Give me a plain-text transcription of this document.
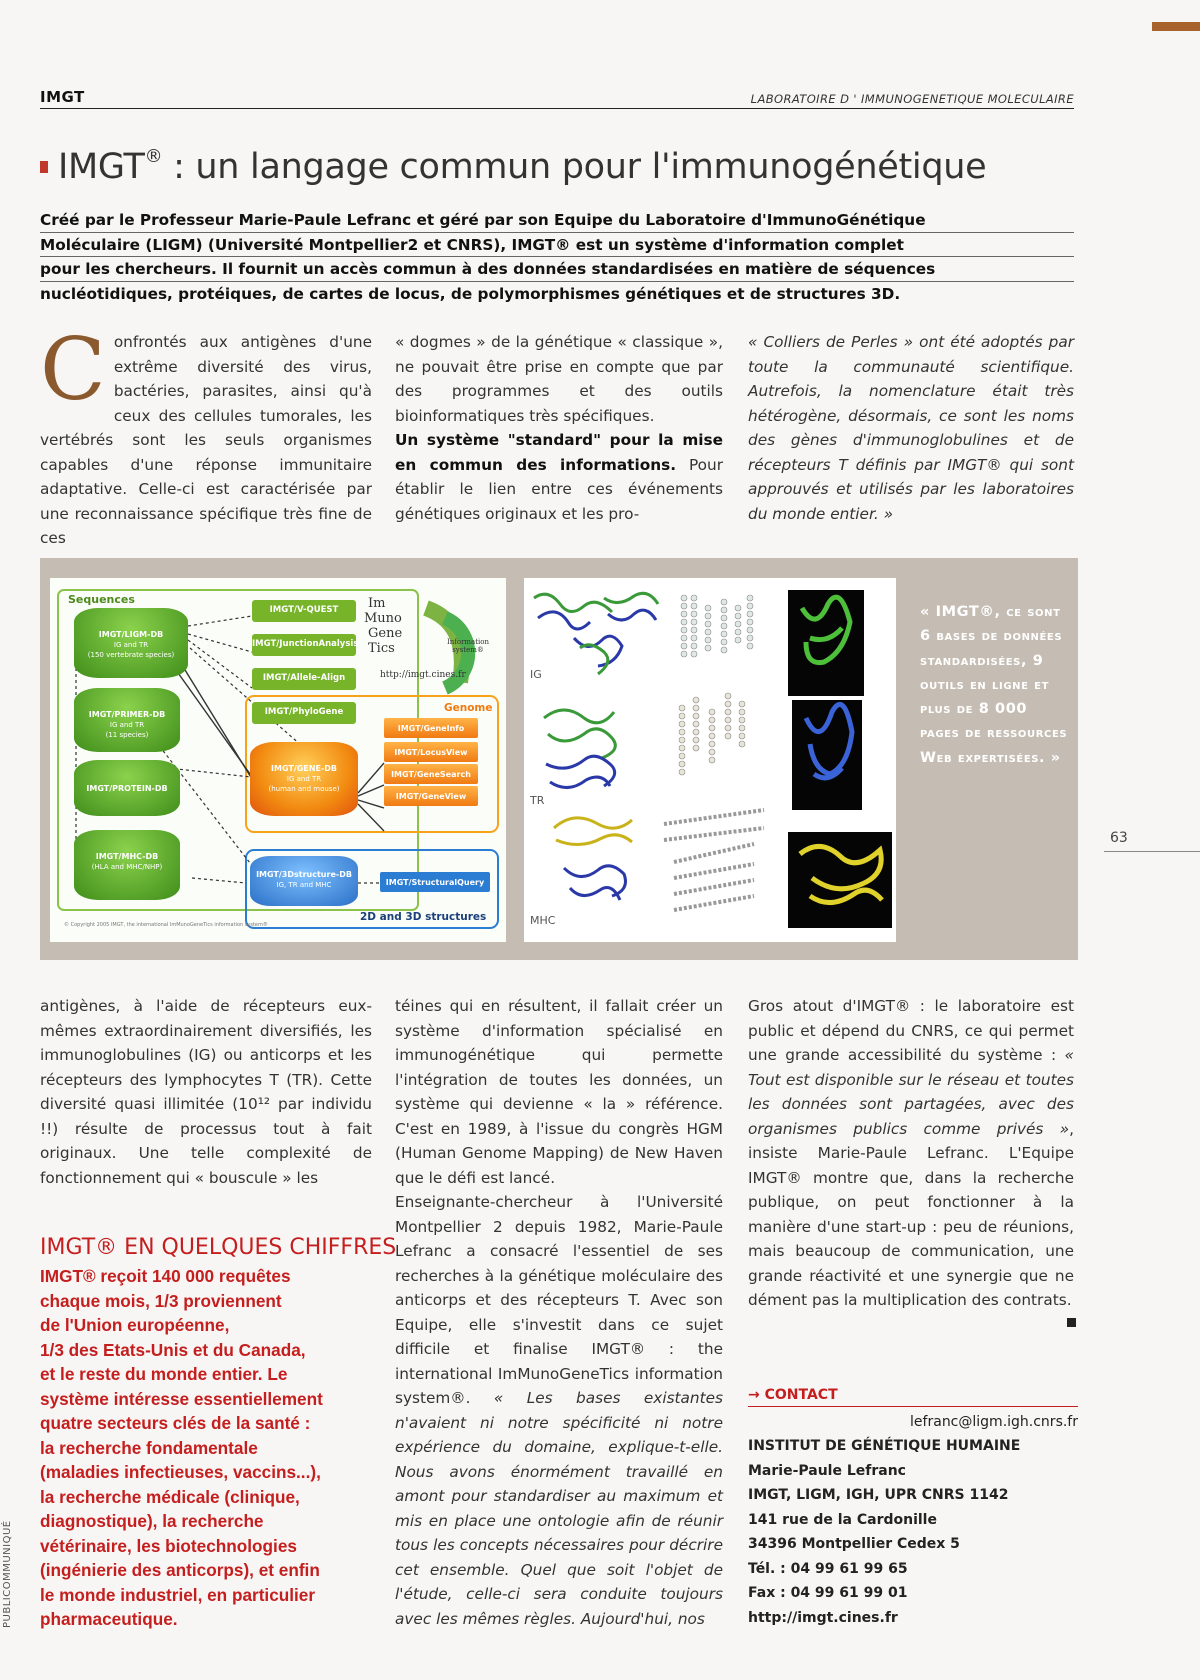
IMGT	LABORATOIRE D ' IMMUNOGENETIQUE MOLECULAIRE
IMGT® : un langage commun pour l'immunogénétique
Créé par le Professeur Marie-Paule Lefranc et géré par son Equipe du Laboratoire d'ImmunoGénétique
Moléculaire (LIGM) (Université Montpellier2 et CNRS), IMGT® est un système d'information complet
pour les chercheurs. Il fournit un accès commun à des données standardisées en matière de séquences
nucléotidiques, protéiques, de cartes de locus, de polymorphismes génétiques et de structures 3D.
Confrontés aux antigènes d'une extrême diversité des virus, bactéries, parasites, ainsi qu'à ceux des cellules tumorales, les vertébrés sont les seuls organismes capables d'une réponse immunitaire adaptative. Celle-ci est caractérisée par une reconnaissance spécifique très fine de ces

« dogmes » de la génétique « classique », ne pouvait être prise en compte que par des programmes et des outils bioinformatiques très spécifiques.

Un système "standard" pour la mise en commun des informations. Pour établir le lien entre ces événements génétiques originaux et les pro-

« Colliers de Perles » ont été adoptés par toute la communauté scientifique. Autrefois, la nomenclature était très hétérogène, désormais, ce sont les noms des gènes d'immunoglobulines et de récepteurs T définis par IMGT® qui sont approuvés et utilisés par les laboratoires du monde entier. »
Sequences
IMGT/LIGM-DB
IG and TR
(150 vertebrate species)
IMGT/PRIMER-DB
IG and TR
(11 species)
IMGT/PROTEIN-DB
IMGT/MHC-DB
(HLA and MHC/NHP)
IMGT/V-QUEST
IMGT/JunctionAnalysis
IMGT/Allele-Align
IMGT/PhyloGene
Im
Muno
Gene
Tics	Information system®
http://imgt.cines.fr
Genome
IMGT/GENE-DB
IG and TR
(human and mouse)
IMGT/GeneInfo
IMGT/LocusView
IMGT/GeneSearch
IMGT/GeneView
IMGT/3Dstructure-DB
IG, TR and MHC	IMGT/StructuralQuery
2D and 3D structures
© Copyright 2005 IMGT, the international ImMunoGeneTics information system®
IG
TR
MHC
« IMGT®, ce sont 6 bases de données standardisées, 9 outils en ligne et plus de 8 000 pages de ressources Web expertisées. »
63
antigènes, à l'aide de récepteurs eux-mêmes extraordinairement diversifiés, les immunoglobulines (IG) ou anticorps et les récepteurs des lymphocytes T (TR). Cette diversité quasi illimitée (10¹² par individu !!) résulte de processus tout à fait originaux. Une telle complexité de fonctionnement qui « bouscule » les
IMGT® EN QUELQUES CHIFFRES
IMGT® reçoit 140 000 requêtes
chaque mois, 1/3 proviennent
de l'Union européenne,
1/3 des Etats-Unis et du Canada,
et le reste du monde entier. Le
système intéresse essentiellement
quatre secteurs clés de la santé :
la recherche fondamentale
(maladies infectieuses, vaccins...),
la recherche médicale (clinique,
diagnostique), la recherche
vétérinaire, les biotechnologies
(ingénierie des anticorps), et enfin
le monde industriel, en particulier
pharmaceutique.

téines qui en résultent, il fallait créer un système d'information spécialisé en immunogénétique qui permette l'intégration de toutes les données, un système qui devienne « la » référence. C'est en 1989, à l'issue du congrès HGM (Human Genome Mapping) de New Haven que le défi est lancé.

Enseignante-chercheur à l'Université Montpellier 2 depuis 1982, Marie-Paule Lefranc a consacré l'essentiel de ses recherches à la génétique moléculaire des anticorps et des récepteurs T. Avec son Equipe, elle s'investit dans ce sujet difficile et finalise IMGT® : the international ImMunoGeneTics information system®. « Les bases existantes n'avaient ni notre spécificité ni notre expérience du domaine, explique-t-elle. Nous avons énormément travaillé en amont pour standardiser au maximum et mis en place une ontologie afin de réunir tous les concepts nécessaires pour décrire cet ensemble. Quel que soit l'objet de l'étude, celle-ci sera conduite toujours avec les mêmes règles. Aujourd'hui, nos

Gros atout d'IMGT® : le laboratoire est public et dépend du CNRS, ce qui permet une grande accessibilité du système : « Tout est disponible sur le réseau et toutes les données sont partagées, avec des organismes publics comme privés », insiste Marie-Paule Lefranc. L'Equipe IMGT® montre que, dans la recherche publique, on peut fonctionner à la manière d'une start-up : peu de réunions, mais beaucoup de communication, une grande réactivité et une synergie que ne dément pas la multiplication des contrats.
→ CONTACT
lefranc@ligm.igh.cnrs.fr
INSTITUT DE GÉNÉTIQUE HUMAINE
Marie-Paule Lefranc
IMGT, LIGM, IGH, UPR CNRS 1142
141 rue de la Cardonille
34396 Montpellier Cedex 5
Tél. : 04 99 61 99 65
Fax : 04 99 61 99 01
http://imgt.cines.fr
PUBLICOMMUNIQUÉ
